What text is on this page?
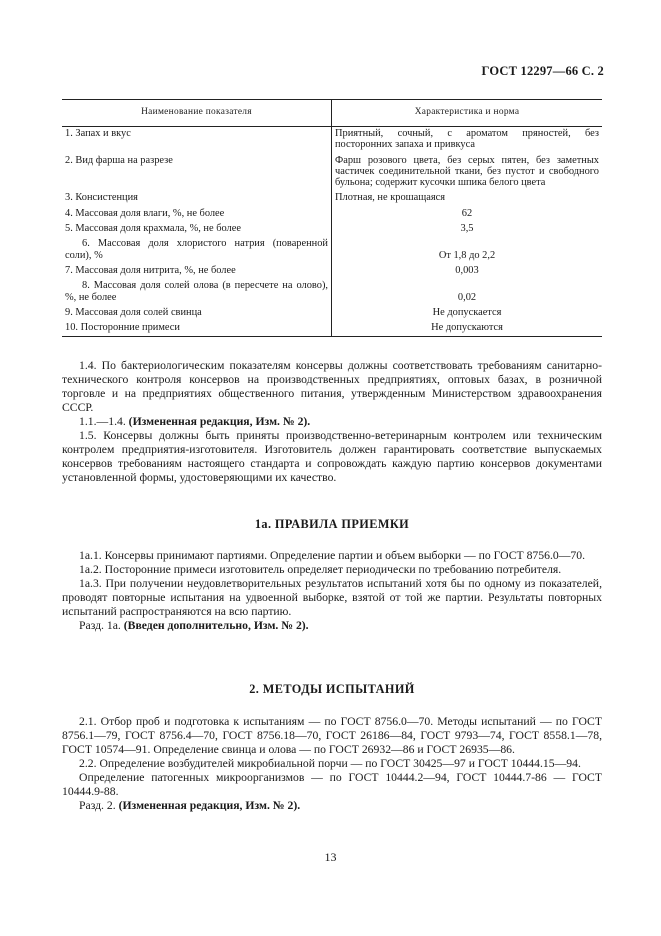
ГОСТ 12297—66 С. 2
Наименование показателя	Характеристика и норма
1. Запах и вкус	Приятный, сочный, с ароматом пряностей, без посторонних запаха и привкуса
2. Вид фарша на разрезе	Фарш розового цвета, без серых пятен, без заметных частичек соединительной ткани, без пустот и свободного бульона; содержит кусочки шпика белого цвета
3. Консистенция	Плотная, не крошащаяся
4. Массовая доля влаги, %, не более	62
5. Массовая доля крахмала, %, не более	3,5
6. Массовая доля хлористого натрия (поваренной соли), %	От 1,8 до 2,2
7. Массовая доля нитрита, %, не более	0,003
8. Массовая доля солей олова (в пересчете на олово), %, не более	0,02
9. Массовая доля солей свинца	Не допускается
10. Посторонние примеси	Не допускаются

1.4. По бактериологическим показателям консервы должны соответствовать требованиям санитарно-технического контроля консервов на производственных предприятиях, оптовых базах, в розничной торговле и на предприятиях общественного питания, утвержденным Министерством здравоохранения СССР.

1.1.—1.4. (Измененная редакция, Изм. № 2).

1.5. Консервы должны быть приняты производственно-ветеринарным контролем или техническим контролем предприятия-изготовителя. Изготовитель должен гарантировать соответствие выпускаемых консервов требованиям настоящего стандарта и сопровождать каждую партию консервов документами установленной формы, удостоверяющими их качество.

1а. ПРАВИЛА ПРИЕМКИ

1а.1. Консервы принимают партиями. Определение партии и объем выборки — по ГОСТ 8756.0—70.

1а.2. Посторонние примеси изготовитель определяет периодически по требованию потребителя.

1а.3. При получении неудовлетворительных результатов испытаний хотя бы по одному из показателей, проводят повторные испытания на удвоенной выборке, взятой от той же партии. Результаты повторных испытаний распространяются на всю партию.

Разд. 1а. (Введен дополнительно, Изм. № 2).

2. МЕТОДЫ ИСПЫТАНИЙ

2.1. Отбор проб и подготовка к испытаниям — по ГОСТ 8756.0—70. Методы испытаний — по ГОСТ 8756.1—79, ГОСТ 8756.4—70, ГОСТ 8756.18—70, ГОСТ 26186—84, ГОСТ 9793—74, ГОСТ 8558.1—78, ГОСТ 10574—91. Определение свинца и олова — по ГОСТ 26932—86 и ГОСТ 26935—86.

2.2. Определение возбудителей микробиальной порчи — по ГОСТ 30425—97 и ГОСТ 10444.15—94.

Определение патогенных микроорганизмов — по ГОСТ 10444.2—94, ГОСТ 10444.7-86 — ГОСТ 10444.9-88.

Разд. 2. (Измененная редакция, Изм. № 2).

13
